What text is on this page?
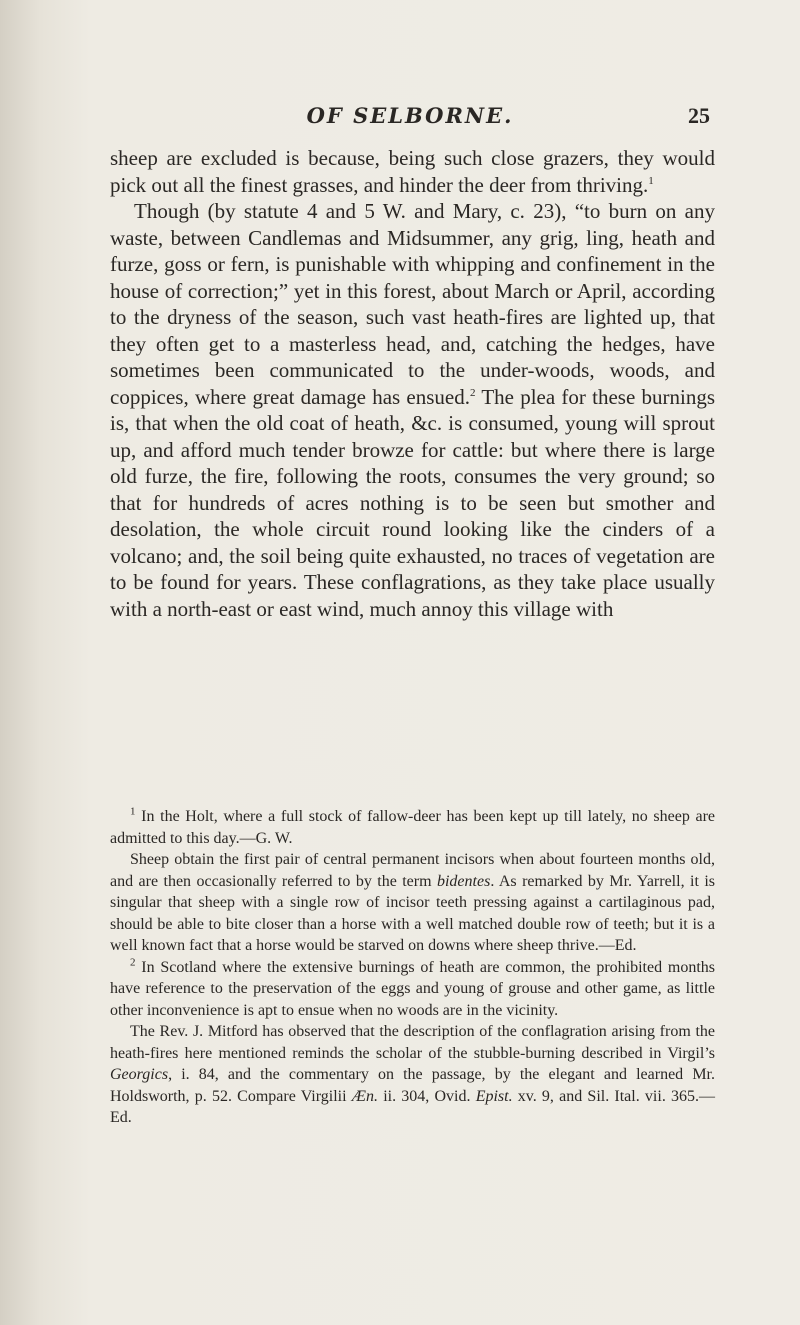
OF SELBORNE.	25

sheep are excluded is because, being such close grazers, they would pick out all the finest grasses, and hinder the deer from thriving.$^1$

Though (by statute 4 and 5 W. and Mary, c. 23), “to burn on any waste, between Candlemas and Midsummer, any grig, ling, heath and furze, goss or fern, is punishable with whipping and confinement in the house of correction;” yet in this forest, about March or April, according to the dryness of the season, such vast heath-fires are lighted up, that they often get to a masterless head, and, catching the hedges, have sometimes been communicated to the under-woods, woods, and coppices, where great damage has ensued.$^2$ The plea for these burnings is, that when the old coat of heath, &c. is consumed, young will sprout up, and afford much tender browze for cattle: but where there is large old furze, the fire, following the roots, consumes the very ground; so that for hundreds of acres nothing is to be seen but smother and desolation, the whole circuit round looking like the cinders of a volcano; and, the soil being quite exhausted, no traces of vegetation are to be found for years. These conflagrations, as they take place usually with a north-east or east wind, much annoy this village with

$^1$ In the Holt, where a full stock of fallow-deer has been kept up till lately, no sheep are admitted to this day.—G. W.

Sheep obtain the first pair of central permanent incisors when about fourteen months old, and are then occasionally referred to by the term bidentes. As remarked by Mr. Yarrell, it is singular that sheep with a single row of incisor teeth pressing against a cartilaginous pad, should be able to bite closer than a horse with a well matched double row of teeth; but it is a well known fact that a horse would be starved on downs where sheep thrive.—Ed.

$^2$ In Scotland where the extensive burnings of heath are common, the prohibited months have reference to the preservation of the eggs and young of grouse and other game, as little other inconvenience is apt to ensue when no woods are in the vicinity.

The Rev. J. Mitford has observed that the description of the conflagration arising from the heath-fires here mentioned reminds the scholar of the stubble-burning described in Virgil’s Georgics, i. 84, and the commentary on the passage, by the elegant and learned Mr. Holdsworth, p. 52. Compare Virgilii Æn. ii. 304, Ovid. Epist. xv. 9, and Sil. Ital. vii. 365.—Ed.
